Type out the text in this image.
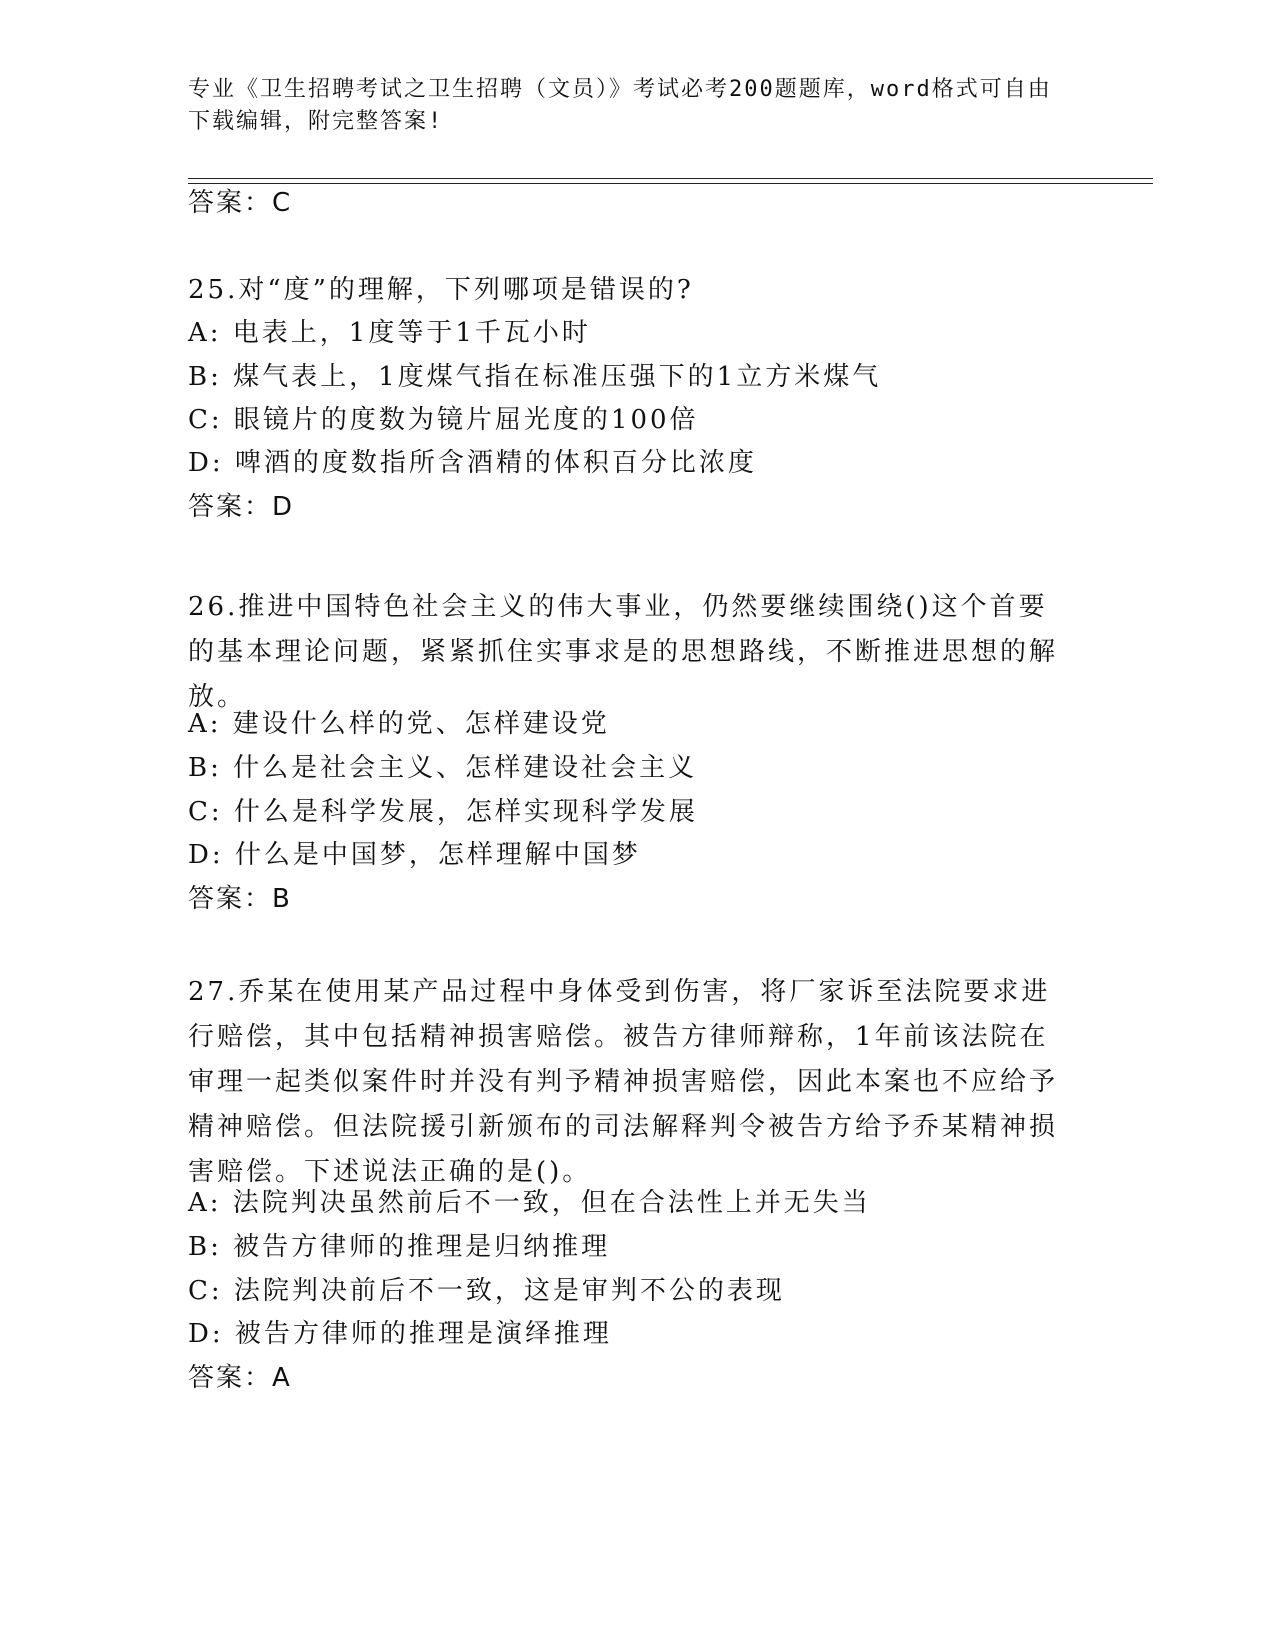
专业《卫生招聘考试之卫生招聘（文员）》考试必考200题题库，word格式可自由下载编辑，附完整答案!
答案：C
25.对“度”的理解，下列哪项是错误的?
A: 电表上，1度等于1千瓦小时
B: 煤气表上，1度煤气指在标准压强下的1立方米煤气
C: 眼镜片的度数为镜片屈光度的100倍
D: 啤酒的度数指所含酒精的体积百分比浓度
答案：D
26.推进中国特色社会主义的伟大事业，仍然要继续围绕()这个首要的基本理论问题，紧紧抓住实事求是的思想路线，不断推进思想的解放。
A: 建设什么样的党、怎样建设党
B: 什么是社会主义、怎样建设社会主义
C: 什么是科学发展，怎样实现科学发展
D: 什么是中国梦，怎样理解中国梦
答案：B
27.乔某在使用某产品过程中身体受到伤害，将厂家诉至法院要求进行赔偿，其中包括精神损害赔偿。被告方律师辩称，1年前该法院在审理一起类似案件时并没有判予精神损害赔偿，因此本案也不应给予精神赔偿。但法院援引新颁布的司法解释判令被告方给予乔某精神损害赔偿。下述说法正确的是()。
A: 法院判决虽然前后不一致，但在合法性上并无失当
B: 被告方律师的推理是归纳推理
C: 法院判决前后不一致，这是审判不公的表现
D: 被告方律师的推理是演绎推理
答案：A
